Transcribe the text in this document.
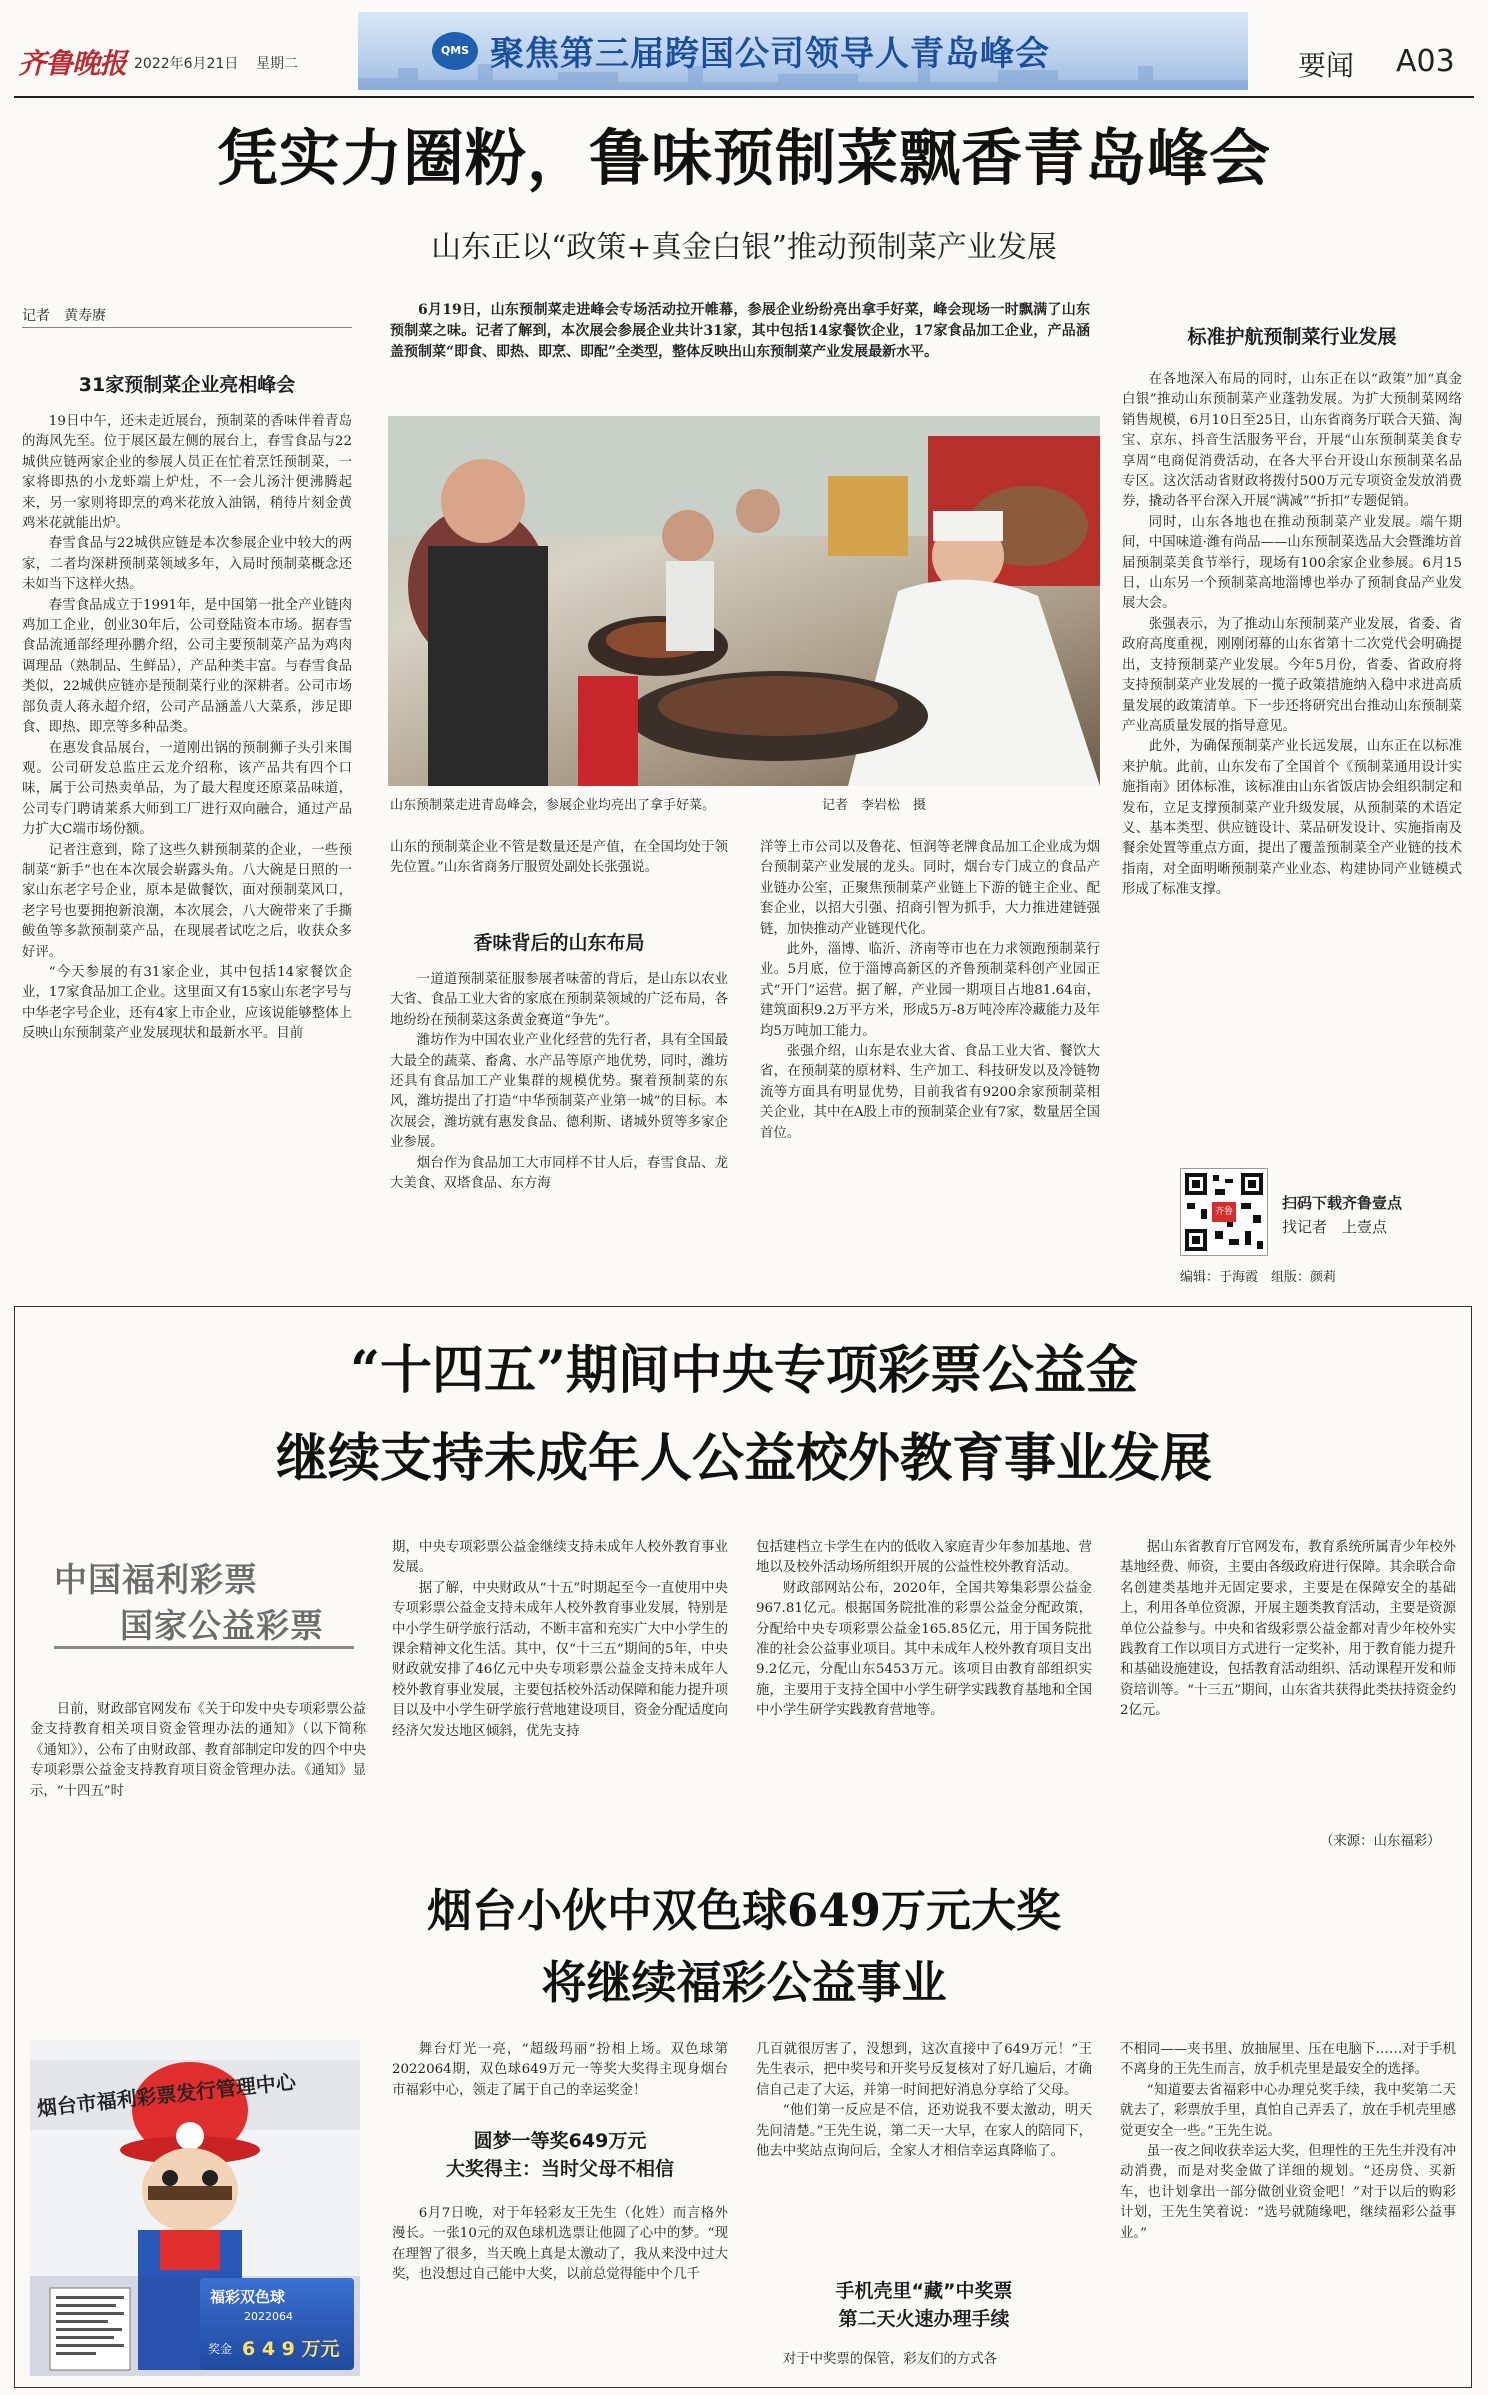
齐鲁晚报 2022年6月21日 星期二
QMS 聚焦第三届跨国公司领导人青岛峰会	要闻 A03
凭实力圈粉，鲁味预制菜飘香青岛峰会
山东正以“政策+真金白银”推动预制菜产业发展
记者　黄寿赓	6月19日，山东预制菜走进峰会专场活动拉开帷幕，参展企业纷纷亮出拿手好菜，峰会现场一时飘满了山东预制菜之味。记者了解到，本次展会参展企业共计31家，其中包括14家餐饮企业，17家食品加工企业，产品涵盖预制菜“即食、即热、即烹、即配”全类型，整体反映出山东预制菜产业发展最新水平。

31家预制菜企业亮相峰会

19日中午，还未走近展台，预制菜的香味伴着青岛的海风先至。位于展区最左侧的展台上，春雪食品与22城供应链两家企业的参展人员正在忙着烹饪预制菜，一家将即热的小龙虾端上炉灶，不一会儿汤汁便沸腾起来，另一家则将即烹的鸡米花放入油锅，稍待片刻金黄鸡米花就能出炉。

春雪食品与22城供应链是本次参展企业中较大的两家，二者均深耕预制菜领域多年，入局时预制菜概念还未如当下这样火热。

春雪食品成立于1991年，是中国第一批全产业链肉鸡加工企业，创业30年后，公司登陆资本市场。据春雪食品流通部经理孙鹏介绍，公司主要预制菜产品为鸡肉调理品（熟制品、生鲜品），产品种类丰富。与春雪食品类似，22城供应链亦是预制菜行业的深耕者。公司市场部负责人蒋永超介绍，公司产品涵盖八大菜系，涉足即食、即热、即烹等多种品类。

在惠发食品展台，一道刚出锅的预制狮子头引来围观。公司研发总监庄云龙介绍称，该产品共有四个口味，属于公司热卖单品，为了最大程度还原菜品味道，公司专门聘请莱系大师到工厂进行双向融合，通过产品力扩大C端市场份额。

记者注意到，除了这些久耕预制菜的企业，一些预制菜“新手”也在本次展会崭露头角。八大碗是日照的一家山东老字号企业，原本是做餐饮，面对预制菜风口，老字号也要拥抱新浪潮，本次展会，八大碗带来了手撕鲅鱼等多款预制菜产品，在现展者试吃之后，收获众多好评。

“今天参展的有31家企业，其中包括14家餐饮企业，17家食品加工企业。这里面又有15家山东老字号与中华老字号企业，还有4家上市企业，应该说能够整体上反映山东预制菜产业发展现状和最新水平。目前

山东预制菜走进青岛峰会，参展企业均亮出了拿手好菜。	记者　李岩松　摄

山东的预制菜企业不管是数量还是产值，在全国均处于领先位置。”山东省商务厅服贸处副处长张强说。

香味背后的山东布局

一道道预制菜征服参展者味蕾的背后，是山东以农业大省、食品工业大省的家底在预制菜领域的广泛布局，各地纷纷在预制菜这条黄金赛道“争先”。

潍坊作为中国农业产业化经营的先行者，具有全国最大最全的蔬菜、畜禽、水产品等原产地优势，同时，潍坊还具有食品加工产业集群的规模优势。聚着预制菜的东风，潍坊提出了打造“中华预制菜产业第一城”的目标。本次展会，潍坊就有惠发食品、德利斯、诸城外贸等多家企业参展。

烟台作为食品加工大市同样不甘人后，春雪食品、龙大美食、双塔食品、东方海

洋等上市公司以及鲁花、恒润等老牌食品加工企业成为烟台预制菜产业发展的龙头。同时，烟台专门成立的食品产业链办公室，正聚焦预制菜产业链上下游的链主企业、配套企业，以招大引强、招商引智为抓手，大力推进建链强链，加快推动产业链现代化。

此外，淄博、临沂、济南等市也在力求领跑预制菜行业。5月底，位于淄博高新区的齐鲁预制菜科创产业园正式“开门”运营。据了解，产业园一期项目占地81.64亩，建筑面积9.2万平方米，形成5万-8万吨冷库冷藏能力及年均5万吨加工能力。

张强介绍，山东是农业大省、食品工业大省、餐饮大省，在预制菜的原材料、生产加工、科技研发以及冷链物流等方面具有明显优势，目前我省有9200余家预制菜相关企业，其中在A股上市的预制菜企业有7家，数量居全国首位。

标准护航预制菜行业发展

在各地深入布局的同时，山东正在以“政策”加“真金白银”推动山东预制菜产业蓬勃发展。为扩大预制菜网络销售规模，6月10日至25日，山东省商务厅联合天猫、淘宝、京东、抖音生活服务平台，开展“山东预制菜美食专享周”电商促消费活动，在各大平台开设山东预制菜名品专区。这次活动省财政将拨付500万元专项资金发放消费券，撬动各平台深入开展“满减”“折扣”专题促销。

同时，山东各地也在推动预制菜产业发展。端午期间，中国味道·潍有尚品——山东预制菜选品大会暨潍坊首届预制菜美食节举行，现场有100余家企业参展。6月15日，山东另一个预制菜高地淄博也举办了预制食品产业发展大会。

张强表示，为了推动山东预制菜产业发展，省委、省政府高度重视，刚刚闭幕的山东省第十二次党代会明确提出，支持预制菜产业发展。今年5月份，省委、省政府将支持预制菜产业发展的一揽子政策措施纳入稳中求进高质量发展的政策清单。下一步还将研究出台推动山东预制菜产业高质量发展的指导意见。

此外，为确保预制菜产业长远发展，山东正在以标准来护航。此前，山东发布了全国首个《预制菜通用设计实施指南》团体标准，该标准由山东省饭店协会组织制定和发布，立足支撑预制菜产业升级发展，从预制菜的术语定义、基本类型、供应链设计、菜品研发设计、实施指南及餐余处置等重点方面，提出了覆盖预制菜全产业链的技术指南，对全面明晰预制菜产业业态、构建协同产业链模式形成了标准支撑。

齐鲁	扫码下载齐鲁壹点
找记者　上壹点
编辑：于海霞　组版：颜莉
“十四五”期间中央专项彩票公益金
继续支持未成年人公益校外教育事业发展
中国福利彩票
国家公益彩票

日前，财政部官网发布《关于印发中央专项彩票公益金支持教育相关项目资金管理办法的通知》（以下简称《通知》），公布了由财政部、教育部制定印发的四个中央专项彩票公益金支持教育项目资金管理办法。《通知》显示，“十四五”时

期，中央专项彩票公益金继续支持未成年人校外教育事业发展。

据了解，中央财政从“十五”时期起至今一直使用中央专项彩票公益金支持未成年人校外教育事业发展，特别是中小学生研学旅行活动，不断丰富和充实广大中小学生的课余精神文化生活。其中，仅“十三五”期间的5年，中央财政就安排了46亿元中央专项彩票公益金支持未成年人校外教育事业发展，主要包括校外活动保障和能力提升项目以及中小学生研学旅行营地建设项目，资金分配适度向经济欠发达地区倾斜，优先支持

包括建档立卡学生在内的低收入家庭青少年参加基地、营地以及校外活动场所组织开展的公益性校外教育活动。

财政部网站公布，2020年，全国共筹集彩票公益金967.81亿元。根据国务院批准的彩票公益金分配政策，分配给中央专项彩票公益金165.85亿元，用于国务院批准的社会公益事业项目。其中未成年人校外教育项目支出9.2亿元，分配山东5453万元。该项目由教育部组织实施，主要用于支持全国中小学生研学实践教育基地和全国中小学生研学实践教育营地等。

据山东省教育厅官网发布，教育系统所属青少年校外基地经费、师资，主要由各级政府进行保障。其余联合命名创建类基地并无固定要求，主要是在保障安全的基础上，利用各单位资源，开展主题类教育活动，主要是资源单位公益参与。中央和省级彩票公益金都对青少年校外实践教育工作以项目方式进行一定奖补，用于教育能力提升和基础设施建设，包括教育活动组织、活动课程开发和师资培训等。“十三五”期间，山东省共获得此类扶持资金约2亿元。

（来源：山东福彩）
烟台小伙中双色球649万元大奖
将继续福彩公益事业
烟台市福利彩票发行管理中心
福彩双色球
2022064
奖金 6 4 9 万元

舞台灯光一亮，“超级玛丽”扮相上场。双色球第2022064期，双色球649万元一等奖大奖得主现身烟台市福彩中心，领走了属于自己的幸运奖金！

圆梦一等奖649万元
大奖得主：当时父母不相信

6月7日晚，对于年轻彩友王先生（化姓）而言格外漫长。一张10元的双色球机选票让他圆了心中的梦。“现在理智了很多，当天晚上真是太激动了，我从来没中过大奖，也没想过自己能中大奖，以前总觉得能中个几千

几百就很厉害了，没想到，这次直接中了649万元！”王先生表示，把中奖号和开奖号反复核对了好几遍后，才确信自己走了大运，并第一时间把好消息分享给了父母。

“他们第一反应是不信，还劝说我不要太激动，明天先问清楚。”王先生说，第二天一大早，在家人的陪同下，他去中奖站点询问后，全家人才相信幸运真降临了。

手机壳里“藏”中奖票
第二天火速办理手续

对于中奖票的保管，彩友们的方式各

不相同——夹书里、放抽屉里、压在电脑下……对于手机不离身的王先生而言，放手机壳里是最安全的选择。

“知道要去省福彩中心办理兑奖手续，我中奖第二天就去了，彩票放手里，真怕自己弄丢了，放在手机壳里感觉更安全一些。”王先生说。

虽一夜之间收获幸运大奖，但理性的王先生并没有冲动消费，而是对奖金做了详细的规划。“还房贷、买新车，也计划拿出一部分做创业资金吧！”对于以后的购彩计划，王先生笑着说：“选号就随缘吧，继续福彩公益事业。”
